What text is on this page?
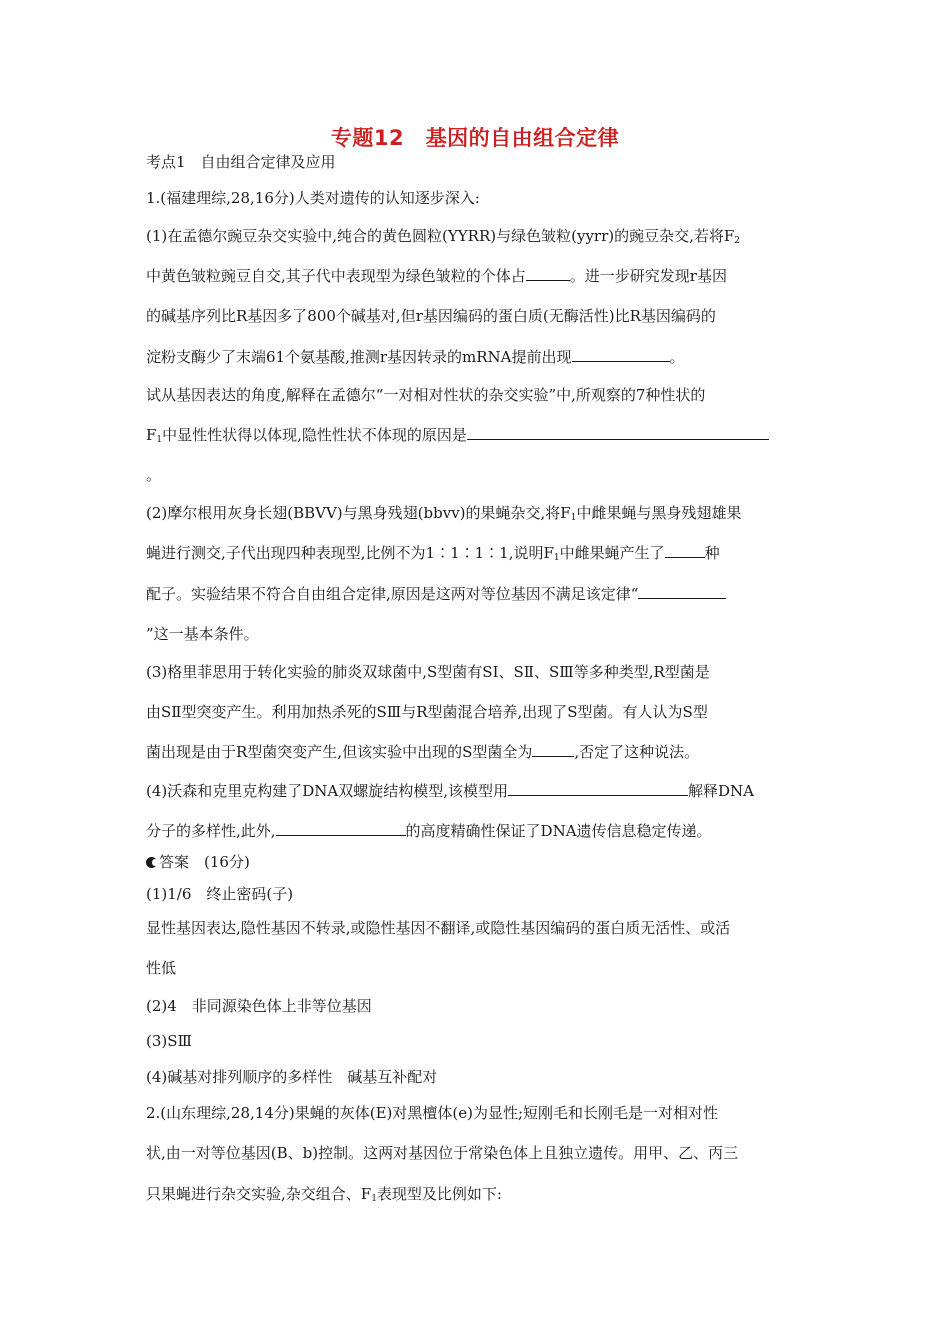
专题12　基因的自由组合定律
考点1　自由组合定律及应用
1.(福建理综,28,16分)人类对遗传的认知逐步深入:
(1)在孟德尔豌豆杂交实验中,纯合的黄色圆粒(YYRR)与绿色皱粒(yyrr)的豌豆杂交,若将$F_2$
中黄色皱粒豌豆自交,其子代中表现型为绿色皱粒的个体占	。进一步研究发现r基因
的碱基序列比R基因多了800个碱基对,但r基因编码的蛋白质(无酶活性)比R基因编码的
淀粉支酶少了末端61个氨基酸,推测r基因转录的mRNA提前出现	。
试从基因表达的角度,解释在孟德尔“一对相对性状的杂交实验”中,所观察的7种性状的
$F_1$中显性性状得以体现,隐性性状不体现的原因是
。
(2)摩尔根用灰身长翅(BBVV)与黑身残翅(bbvv)的果蝇杂交,将$F_1$中雌果蝇与黑身残翅雄果
蝇进行测交,子代出现四种表现型,比例不为1∶1∶1∶1,说明$F_1$中雌果蝇产生了	种
配子。实验结果不符合自由组合定律,原因是这两对等位基因不满足该定律“
”这一基本条件。
(3)格里菲思用于转化实验的肺炎双球菌中,S型菌有SⅠ、SⅡ、SⅢ等多种类型,R型菌是
由SⅡ型突变产生。利用加热杀死的SⅢ与R型菌混合培养,出现了S型菌。有人认为S型
菌出现是由于R型菌突变产生,但该实验中出现的S型菌全为	,否定了这种说法。
(4)沃森和克里克构建了DNA双螺旋结构模型,该模型用	解释DNA
分子的多样性,此外,	的高度精确性保证了DNA遗传信息稳定传递。
答案　(16分)
(1)1/6　终止密码(子)
显性基因表达,隐性基因不转录,或隐性基因不翻译,或隐性基因编码的蛋白质无活性、或活
性低
(2)4　非同源染色体上非等位基因
(3)SⅢ
(4)碱基对排列顺序的多样性　碱基互补配对
2.(山东理综,28,14分)果蝇的灰体(E)对黑檀体(e)为显性;短刚毛和长刚毛是一对相对性
状,由一对等位基因(B、b)控制。这两对基因位于常染色体上且独立遗传。用甲、乙、丙三
只果蝇进行杂交实验,杂交组合、$F_1$表现型及比例如下:
